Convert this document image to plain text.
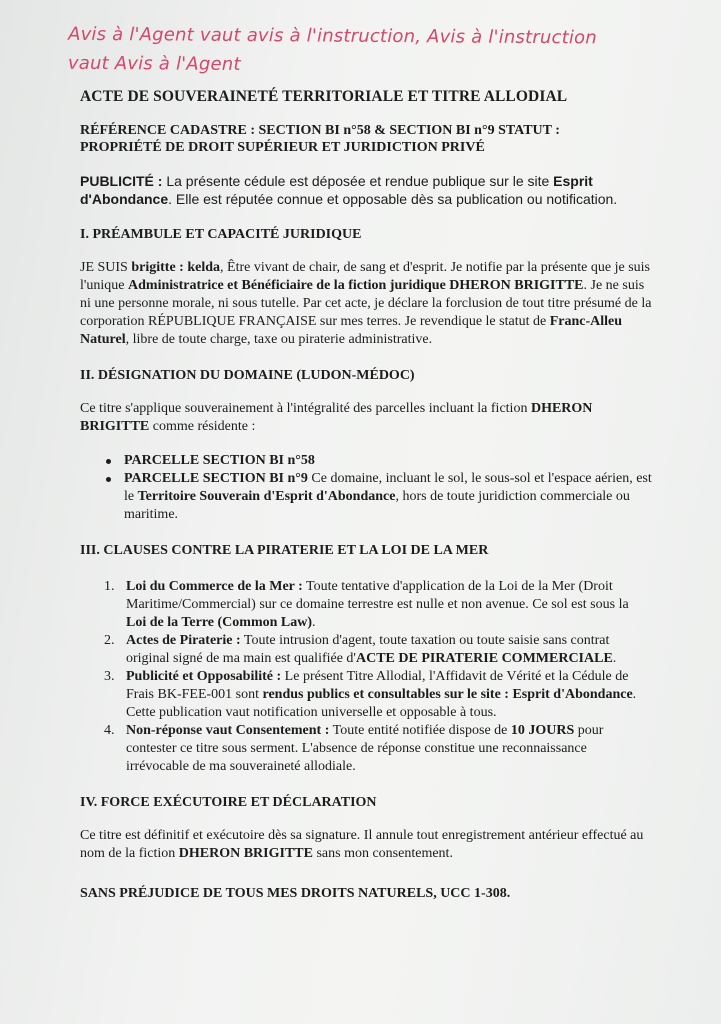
Avis à l'Agent vaut avis à l'instruction, Avis à l'instruction
vaut Avis à l'Agent
ACTE DE SOUVERAINETÉ TERRITORIALE ET TITRE ALLODIAL
RÉFÉRENCE CADASTRE : SECTION BI n°58 & SECTION BI n°9 STATUT :
PROPRIÉTÉ DE DROIT SUPÉRIEUR ET JURIDICTION PRIVÉ

PUBLICITÉ : La présente cédule est déposée et rendue publique sur le site Esprit d'Abondance. Elle est réputée connue et opposable dès sa publication ou notification.

I. PRÉAMBULE ET CAPACITÉ JURIDIQUE

JE SUIS brigitte : kelda, Être vivant de chair, de sang et d'esprit. Je notifie par la présente que je suis l'unique Administratrice et Bénéficiaire de la fiction juridique DHERON BRIGITTE. Je ne suis ni une personne morale, ni sous tutelle. Par cet acte, je déclare la forclusion de tout titre présumé de la corporation RÉPUBLIQUE FRANÇAISE sur mes terres. Je revendique le statut de Franc-Alleu Naturel, libre de toute charge, taxe ou piraterie administrative.

II. DÉSIGNATION DU DOMAINE (LUDON-MÉDOC)

Ce titre s'applique souverainement à l'intégralité des parcelles incluant la fiction DHERON BRIGITTE comme résidente :

PARCELLE SECTION BI n°58
PARCELLE SECTION BI n°9 Ce domaine, incluant le sol, le sous-sol et l'espace aérien, est le Territoire Souverain d'Esprit d'Abondance, hors de toute juridiction commerciale ou maritime.
III. CLAUSES CONTRE LA PIRATERIE ET LA LOI DE LA MER
1. Loi du Commerce de la Mer : Toute tentative d'application de la Loi de la Mer (Droit Maritime/Commercial) sur ce domaine terrestre est nulle et non avenue. Ce sol est sous la Loi de la Terre (Common Law).
2. Actes de Piraterie : Toute intrusion d'agent, toute taxation ou toute saisie sans contrat original signé de ma main est qualifiée d'ACTE DE PIRATERIE COMMERCIALE.
3. Publicité et Opposabilité : Le présent Titre Allodial, l'Affidavit de Vérité et la Cédule de Frais BK-FEE-001 sont rendus publics et consultables sur le site : Esprit d'Abondance. Cette publication vaut notification universelle et opposable à tous.
4. Non-réponse vaut Consentement : Toute entité notifiée dispose de 10 JOURS pour contester ce titre sous serment. L'absence de réponse constitue une reconnaissance irrévocable de ma souveraineté allodiale.
IV. FORCE EXÉCUTOIRE ET DÉCLARATION

Ce titre est définitif et exécutoire dès sa signature. Il annule tout enregistrement antérieur effectué au nom de la fiction DHERON BRIGITTE sans mon consentement.

SANS PRÉJUDICE DE TOUS MES DROITS NATURELS, UCC 1-308.
